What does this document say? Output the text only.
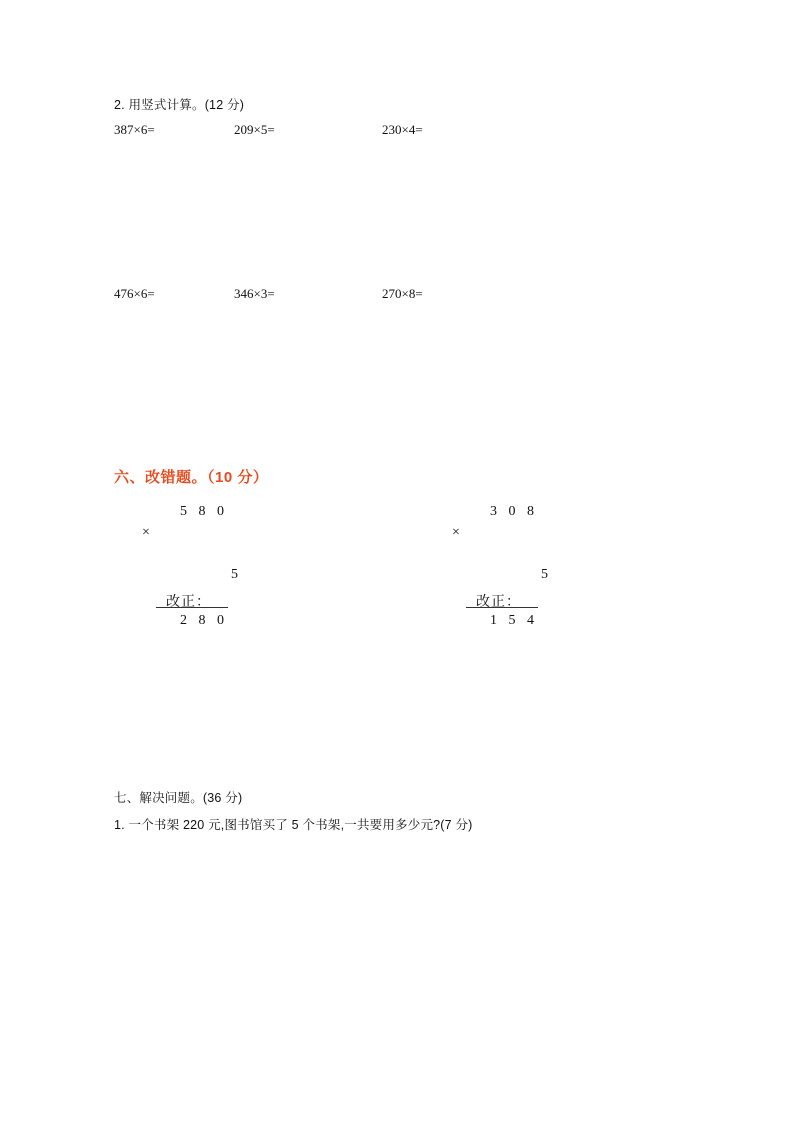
2. 用竖式计算。(12 分)
387×6=	209×5=	230×4=
476×6=	346×3=	270×8=
六、改错题。（10 分）
5 8 0

×

5

2 8 0
改正：
3 0 8

×

5

1 5 4
改正：
七、解决问题。(36 分)
1. 一个书架 220 元,图书馆买了 5 个书架,一共要用多少元?(7 分)
